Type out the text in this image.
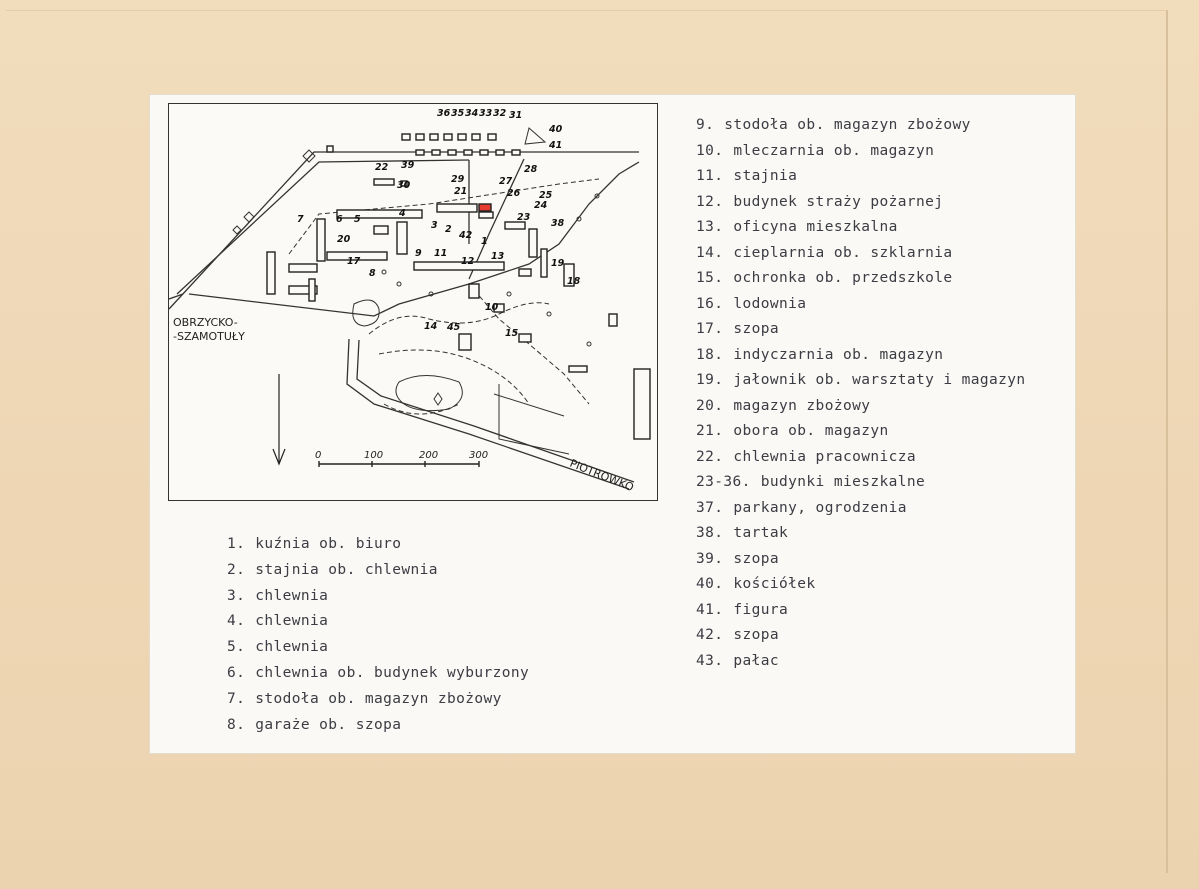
OBRZYCKO-
-SZAMOTUŁY
PIOTROWKO
0	100	200	300
36 35 34 33 32 31
40
41
22 39	28
30
29
21
27
26 25
24
23
38
7	6 5
4
3 2
42
1
20
9 11
12 13
19
18
17
8
10
14 45
15
1. kuźnia ob. biuro
2. stajnia ob. chlewnia
3. chlewnia
4. chlewnia
5. chlewnia
6. chlewnia ob. budynek wyburzony
7. stodoła ob. magazyn zbożowy
8. garaże ob. szopa
9. stodoła ob. magazyn zbożowy
10. mleczarnia ob. magazyn
11. stajnia
12. budynek straży pożarnej
13. oficyna mieszkalna
14. cieplarnia ob. szklarnia
15. ochronka ob. przedszkole
16. lodownia
17. szopa
18. indyczarnia ob. magazyn
19. jałownik ob. warsztaty i magazyn
20. magazyn zbożowy
21. obora ob. magazyn
22. chlewnia pracownicza
23-36. budynki mieszkalne
37. parkany, ogrodzenia
38. tartak
39. szopa
40. kościółek
41. figura
42. szopa
43. pałac
